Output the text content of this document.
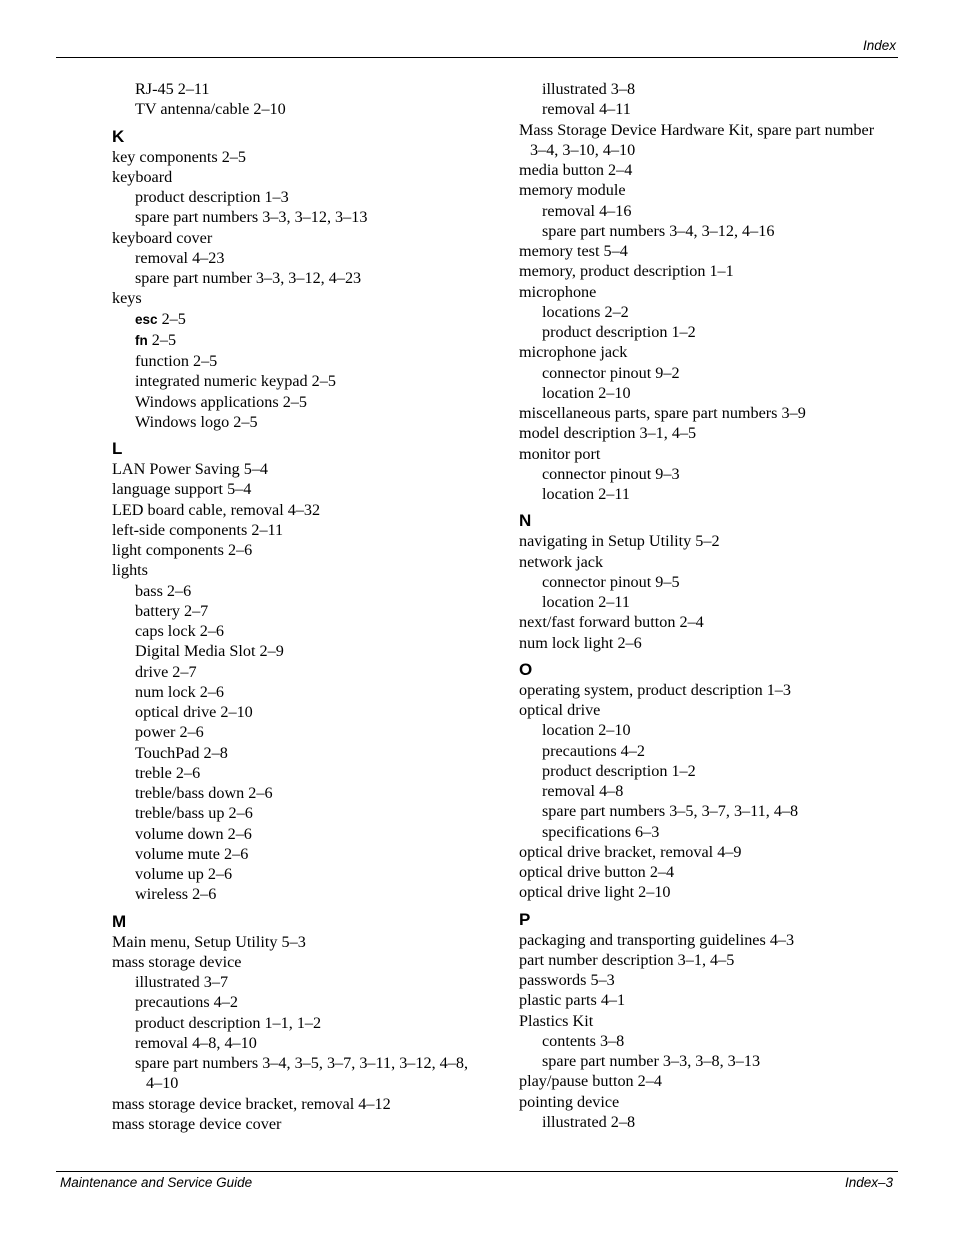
Index
RJ-45 2–11
TV antenna/cable 2–10
K
key components 2–5
keyboard
product description 1–3
spare part numbers 3–3, 3–12, 3–13
keyboard cover
removal 4–23
spare part number 3–3, 3–12, 4–23
keys
esc 2–5
fn 2–5
function 2–5
integrated numeric keypad 2–5
Windows applications 2–5
Windows logo 2–5
L
LAN Power Saving 5–4
language support 5–4
LED board cable, removal 4–32
left-side components 2–11
light components 2–6
lights
bass 2–6
battery 2–7
caps lock 2–6
Digital Media Slot 2–9
drive 2–7
num lock 2–6
optical drive 2–10
power 2–6
TouchPad 2–8
treble 2–6
treble/bass down 2–6
treble/bass up 2–6
volume down 2–6
volume mute 2–6
volume up 2–6
wireless 2–6
M
Main menu, Setup Utility 5–3
mass storage device
illustrated 3–7
precautions 4–2
product description 1–1, 1–2
removal 4–8, 4–10
spare part numbers 3–4, 3–5, 3–7, 3–11, 3–12, 4–8,
4–10
mass storage device bracket, removal 4–12
mass storage device cover
illustrated 3–8
removal 4–11
Mass Storage Device Hardware Kit, spare part number
3–4, 3–10, 4–10
media button 2–4
memory module
removal 4–16
spare part numbers 3–4, 3–12, 4–16
memory test 5–4
memory, product description 1–1
microphone
locations 2–2
product description 1–2
microphone jack
connector pinout 9–2
location 2–10
miscellaneous parts, spare part numbers 3–9
model description 3–1, 4–5
monitor port
connector pinout 9–3
location 2–11
N
navigating in Setup Utility 5–2
network jack
connector pinout 9–5
location 2–11
next/fast forward button 2–4
num lock light 2–6
O
operating system, product description 1–3
optical drive
location 2–10
precautions 4–2
product description 1–2
removal 4–8
spare part numbers 3–5, 3–7, 3–11, 4–8
specifications 6–3
optical drive bracket, removal 4–9
optical drive button 2–4
optical drive light 2–10
P
packaging and transporting guidelines 4–3
part number description 3–1, 4–5
passwords 5–3
plastic parts 4–1
Plastics Kit
contents 3–8
spare part number 3–3, 3–8, 3–13
play/pause button 2–4
pointing device
illustrated 2–8
Maintenance and Service Guide	Index–3
